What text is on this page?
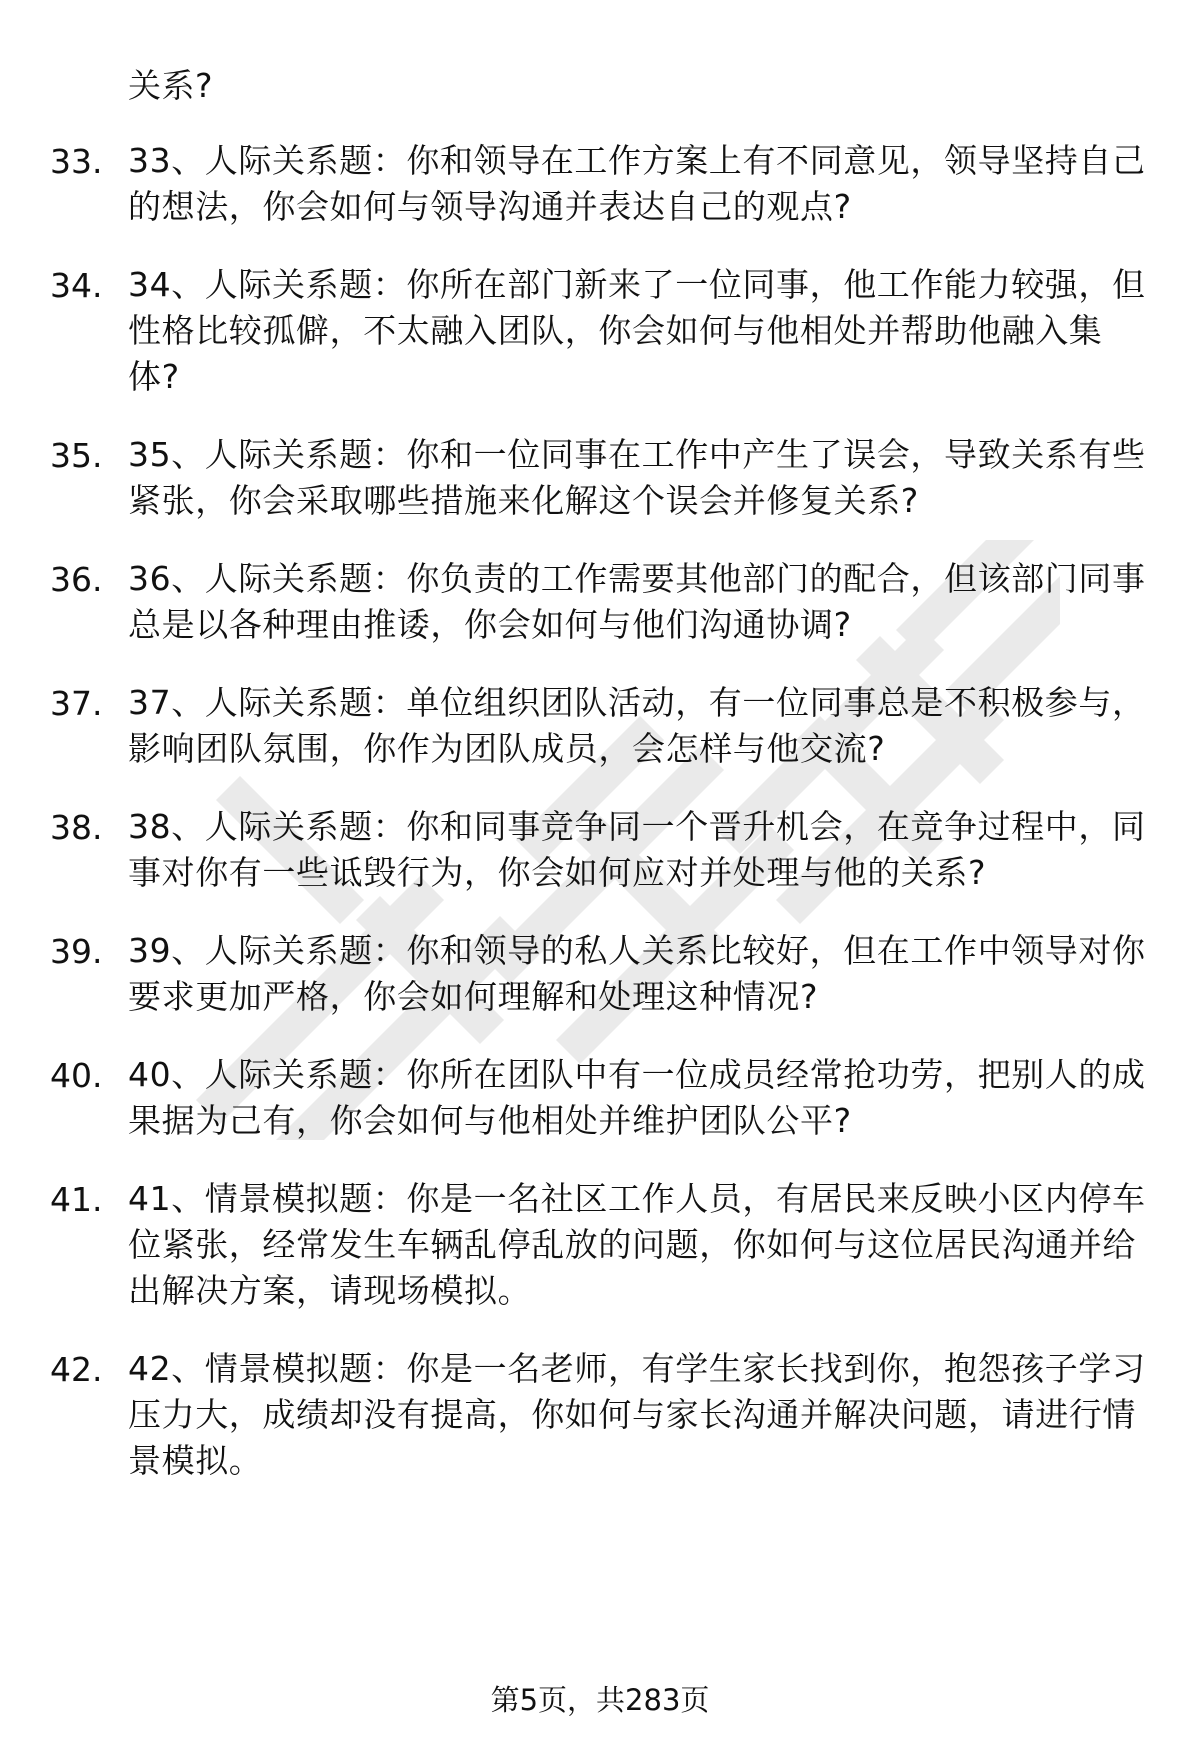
关系?
33. 33、人际关系题：你和领导在工作方案上有不同意见，领导坚持自己的想法，你会如何与领导沟通并表达自己的观点?
34. 34、人际关系题：你所在部门新来了一位同事，他工作能力较强，但性格比较孤僻，不太融入团队，你会如何与他相处并帮助他融入集体?
35. 35、人际关系题：你和一位同事在工作中产生了误会，导致关系有些紧张，你会采取哪些措施来化解这个误会并修复关系?
36. 36、人际关系题：你负责的工作需要其他部门的配合，但该部门同事总是以各种理由推诿，你会如何与他们沟通协调?
37. 37、人际关系题：单位组织团队活动，有一位同事总是不积极参与，影响团队氛围，你作为团队成员，会怎样与他交流?
38. 38、人际关系题：你和同事竞争同一个晋升机会，在竞争过程中，同事对你有一些诋毁行为，你会如何应对并处理与他的关系?
39. 39、人际关系题：你和领导的私人关系比较好，但在工作中领导对你要求更加严格，你会如何理解和处理这种情况?
40. 40、人际关系题：你所在团队中有一位成员经常抢功劳，把别人的成果据为己有，你会如何与他相处并维护团队公平?
41. 41、情景模拟题：你是一名社区工作人员，有居民来反映小区内停车位紧张，经常发生车辆乱停乱放的问题，你如何与这位居民沟通并给出解决方案，请现场模拟。
42. 42、情景模拟题：你是一名老师，有学生家长找到你，抱怨孩子学习压力大，成绩却没有提高，你如何与家长沟通并解决问题，请进行情景模拟。
第5页，共283页
